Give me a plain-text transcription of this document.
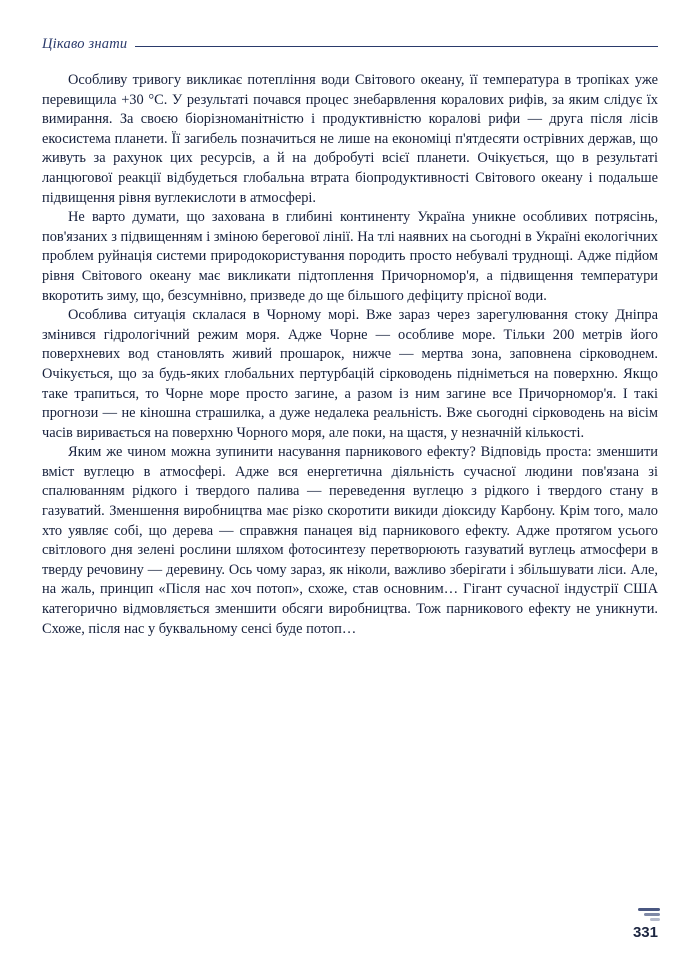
Цікаво знати

Особливу тривогу викликає потепління води Світового океану, її температура в тропіках уже перевищила +30 °С. У результаті почався процес знебарвлення коралових рифів, за яким слідує їх вимирання. За своєю біорізноманітністю і продуктивністю коралові рифи — друга після лісів екосистема планети. Її загибель позначиться не лише на економіці п'ятдесяти острівних держав, що живуть за рахунок цих ресурсів, а й на добробуті всієї планети. Очікується, що в результаті ланцюгової реакції відбудеться глобальна втрата біопродуктивності Світового океану і подальше підвищення рівня вуглекислоти в атмосфері.

Не варто думати, що захована в глибині континенту Україна уникне особливих потрясінь, пов'язаних з підвищенням і зміною берегової лінії. На тлі наявних на сьогодні в Україні екологічних проблем руйнація системи природокористування породить просто небувалі труднощі. Адже підйом рівня Світового океану має викликати підтоплення Причорномор'я, а підвищення температури вкоротить зиму, що, безсумнівно, призведе до ще більшого дефіциту прісної води.

Особлива ситуація склалася в Чорному морі. Вже зараз через зарегулювання стоку Дніпра змінився гідрологічний режим моря. Адже Чорне — особливе море. Тільки 200 метрів його поверхневих вод становлять живий прошарок, нижче — мертва зона, заповнена сірководнем. Очікується, що за будь-яких глобальних пертурбацій сірководень підніметься на поверхню. Якщо таке трапиться, то Чорне море просто загине, а разом із ним загине все Причорномор'я. І такі прогнози — не кіношна страшилка, а дуже недалека реальність. Вже сьогодні сірководень на вісім часів виривається на поверхню Чорного моря, але поки, на щастя, у незначній кількості.

Яким же чином можна зупинити насування парникового ефекту? Відповідь проста: зменшити вміст вуглецю в атмосфері. Адже вся енергетична діяльність сучасної людини пов'язана зі спалюванням рідкого і твердого палива — переведення вуглецю з рідкого і твердого стану в газуватий. Зменшення виробництва має різко скоротити викиди діоксиду Карбону. Крім того, мало хто уявляє собі, що дерева — справжня панацея від парникового ефекту. Адже протягом усього світлового дня зелені рослини шляхом фотосинтезу перетворюють газуватий вуглець атмосфери в тверду речовину — деревину. Ось чому зараз, як ніколи, важливо зберігати і збільшувати ліси. Але, на жаль, принцип «Після нас хоч потоп», схоже, став основним… Гігант сучасної індустрії США категорично відмовляється зменшити обсяги виробництва. Тож парникового ефекту не уникнути. Схоже, після нас у буквальному сенсі буде потоп…

331
